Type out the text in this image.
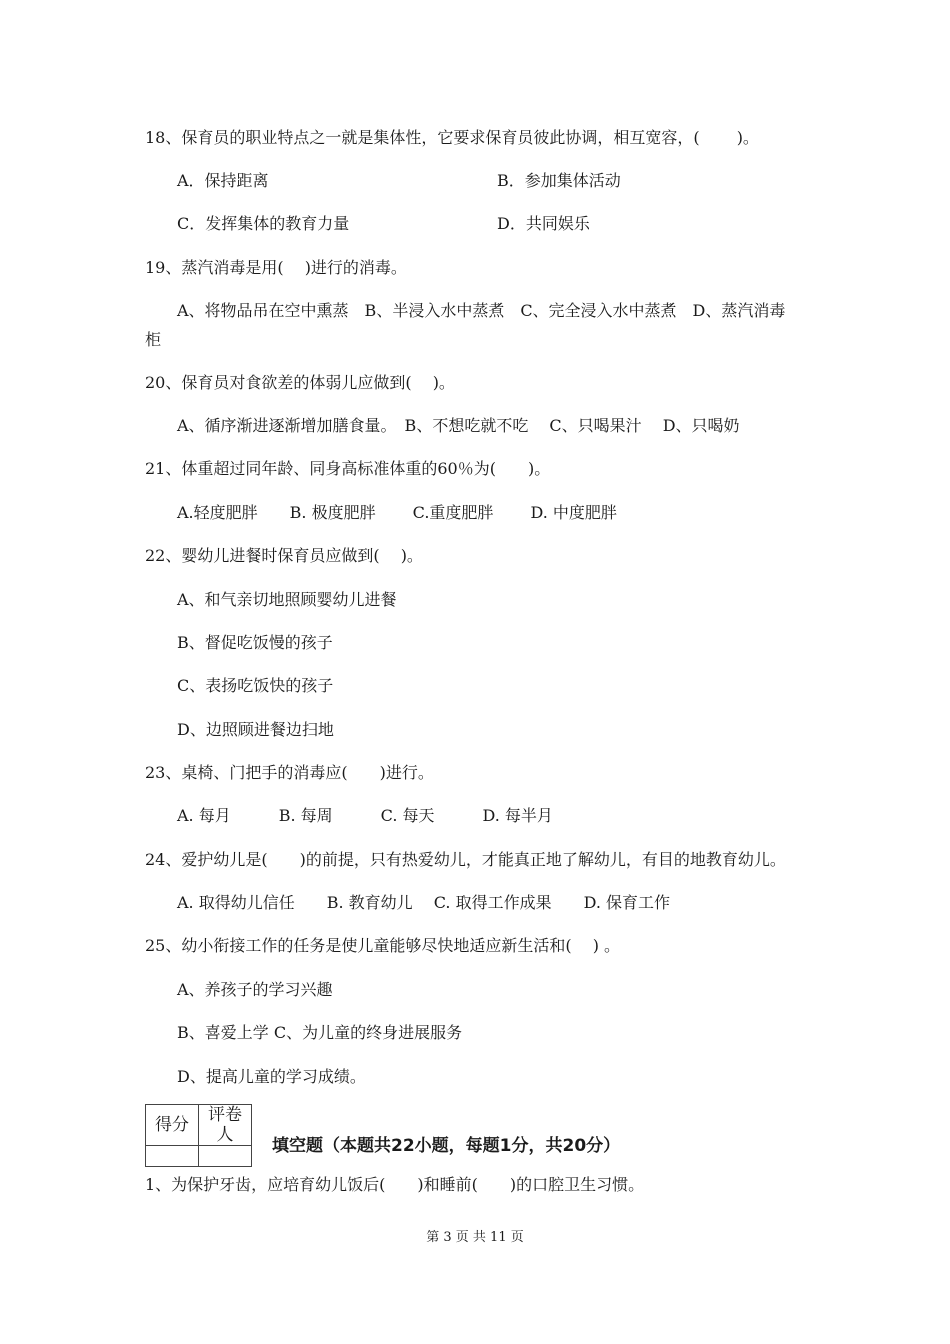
18、保育员的职业特点之一就是集体性，它要求保育员彼此协调，相互宽容，(　　 )。
A．保持距离	B．参加集体活动
C．发挥集体的教育力量	D．共同娱乐
19、蒸汽消毒是用(　 )进行的消毒。
A、将物品吊在空中熏蒸　B、半浸入水中蒸煮　C、完全浸入水中蒸煮　D、蒸汽消毒
柜
20、保育员对食欲差的体弱儿应做到(　 )。
A、循序渐进逐渐增加膳食量。　B、不想吃就不吃　 C、只喝果汁　 D、只喝奶
21、体重超过同年龄、同身高标准体重的60％为(　　)。
A.轻度肥胖　　B. 极度肥胖　　 C.重度肥胖　　 D. 中度肥胖
22、婴幼儿进餐时保育员应做到(　 )。
A、和气亲切地照顾婴幼儿进餐
B、督促吃饭慢的孩子
C、表扬吃饭快的孩子
D、边照顾进餐边扫地
23、桌椅、门把手的消毒应(　　)进行。
A. 每月　　　B. 每周　　　C. 每天　　　D. 每半月
24、爱护幼儿是(　　)的前提，只有热爱幼儿，才能真正地了解幼儿，有目的地教育幼儿。
A. 取得幼儿信任　　B. 教育幼儿　 C. 取得工作成果　　D. 保育工作
25、幼小衔接工作的任务是使儿童能够尽快地适应新生活和(　 ) 。
A、养孩子的学习兴趣
B、喜爱上学 C、为儿童的终身进展服务
D、提高儿童的学习成绩。
得分	评卷人

填空题（本题共22小题，每题1分，共20分）
1、为保护牙齿，应培育幼儿饭后(　　)和睡前(　　)的口腔卫生习惯。
第 3 页 共 11 页
